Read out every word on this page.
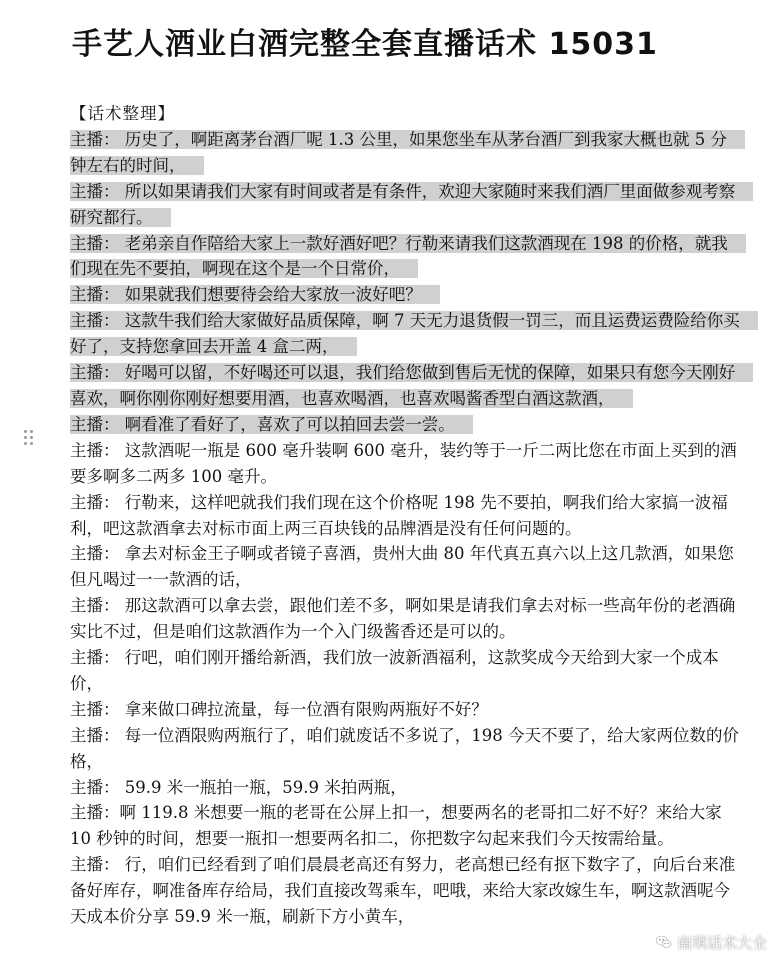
手艺人酒业白酒完整全套直播话术 15031
【话术整理】

主播： 历史了，啊距离茅台酒厂呢 1.3 公里，如果您坐车从茅台酒厂到我家大概也就 5 分钟左右的时间，

主播： 所以如果请我们大家有时间或者是有条件，欢迎大家随时来我们酒厂里面做参观考察研究都行。

主播： 老弟亲自作陪给大家上一款好酒好吧？行勒来请我们这款酒现在 198 的价格，就我们现在先不要拍，啊现在这个是一个日常价，

主播： 如果就我们想要待会给大家放一波好吧？

主播： 这款牛我们给大家做好品质保障，啊 7 天无力退货假一罚三，而且运费运费险给你买好了，支持您拿回去开盖 4 盒二两，

主播： 好喝可以留，不好喝还可以退，我们给您做到售后无忧的保障，如果只有您今天刚好喜欢，啊你刚你刚好想要用酒，也喜欢喝酒，也喜欢喝酱香型白酒这款酒，

主播： 啊看准了看好了，喜欢了可以拍回去尝一尝。

主播： 这款酒呢一瓶是 600 毫升装啊 600 毫升，装约等于一斤二两比您在市面上买到的酒要多啊多二两多 100 毫升。

主播： 行勒来，这样吧就我们我们现在这个价格呢 198 先不要拍，啊我们给大家搞一波福利，吧这款酒拿去对标市面上两三百块钱的品牌酒是没有任何问题的。

主播： 拿去对标金王子啊或者镜子喜酒，贵州大曲 80 年代真五真六以上这几款酒，如果您但凡喝过一一款酒的话，

主播： 那这款酒可以拿去尝，跟他们差不多，啊如果是请我们拿去对标一些高年份的老酒确实比不过，但是咱们这款酒作为一个入门级酱香还是可以的。

主播： 行吧，咱们刚开播给新酒，我们放一波新酒福利，这款奖成今天给到大家一个成本价，

主播： 拿来做口碑拉流量，每一位酒有限购两瓶好不好？

主播： 每一位酒限购两瓶行了，咱们就废话不多说了，198 今天不要了，给大家两位数的价格，

主播： 59.9 米一瓶拍一瓶，59.9 米拍两瓶，

主播：啊 119.8 米想要一瓶的老哥在公屏上扣一，想要两名的老哥扣二好不好？来给大家 10 秒钟的时间，想要一瓶扣一想要两名扣二，你把数字勾起来我们今天按需给量。

主播： 行，咱们已经看到了咱们晨晨老高还有努力，老高想已经有抠下数字了，向后台来准备好库存，啊准备库存给局，我们直接改驾乘车，吧哦，来给大家改嫁生车，啊这款酒呢今天成本价分享 59.9 米一瓶，刷新下方小黄车，

南琪话术大全
